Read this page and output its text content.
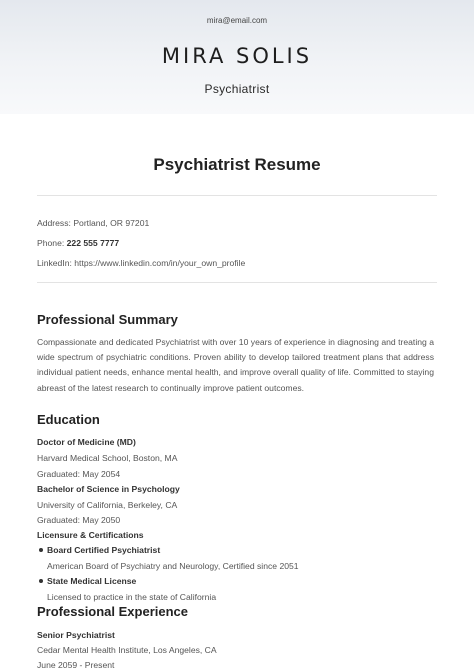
mira@email.com
MIRA SOLIS
Psychiatrist
Psychiatrist Resume
Address: Portland, OR 97201
Phone: 222 555 7777
LinkedIn: https://www.linkedin.com/in/your_own_profile
Professional Summary
Compassionate and dedicated Psychiatrist with over 10 years of experience in diagnosing and treating a wide spectrum of psychiatric conditions. Proven ability to develop tailored treatment plans that address individual patient needs, enhance mental health, and improve overall quality of life. Committed to staying abreast of the latest research to continually improve patient outcomes.
Education
Doctor of Medicine (MD)
Harvard Medical School, Boston, MA
Graduated: May 2054
Bachelor of Science in Psychology
University of California, Berkeley, CA
Graduated: May 2050
Licensure & Certifications
Board Certified Psychiatrist
American Board of Psychiatry and Neurology, Certified since 2051
State Medical License
Licensed to practice in the state of California
Professional Experience
Senior Psychiatrist
Cedar Mental Health Institute, Los Angeles, CA
June 2059 - Present
